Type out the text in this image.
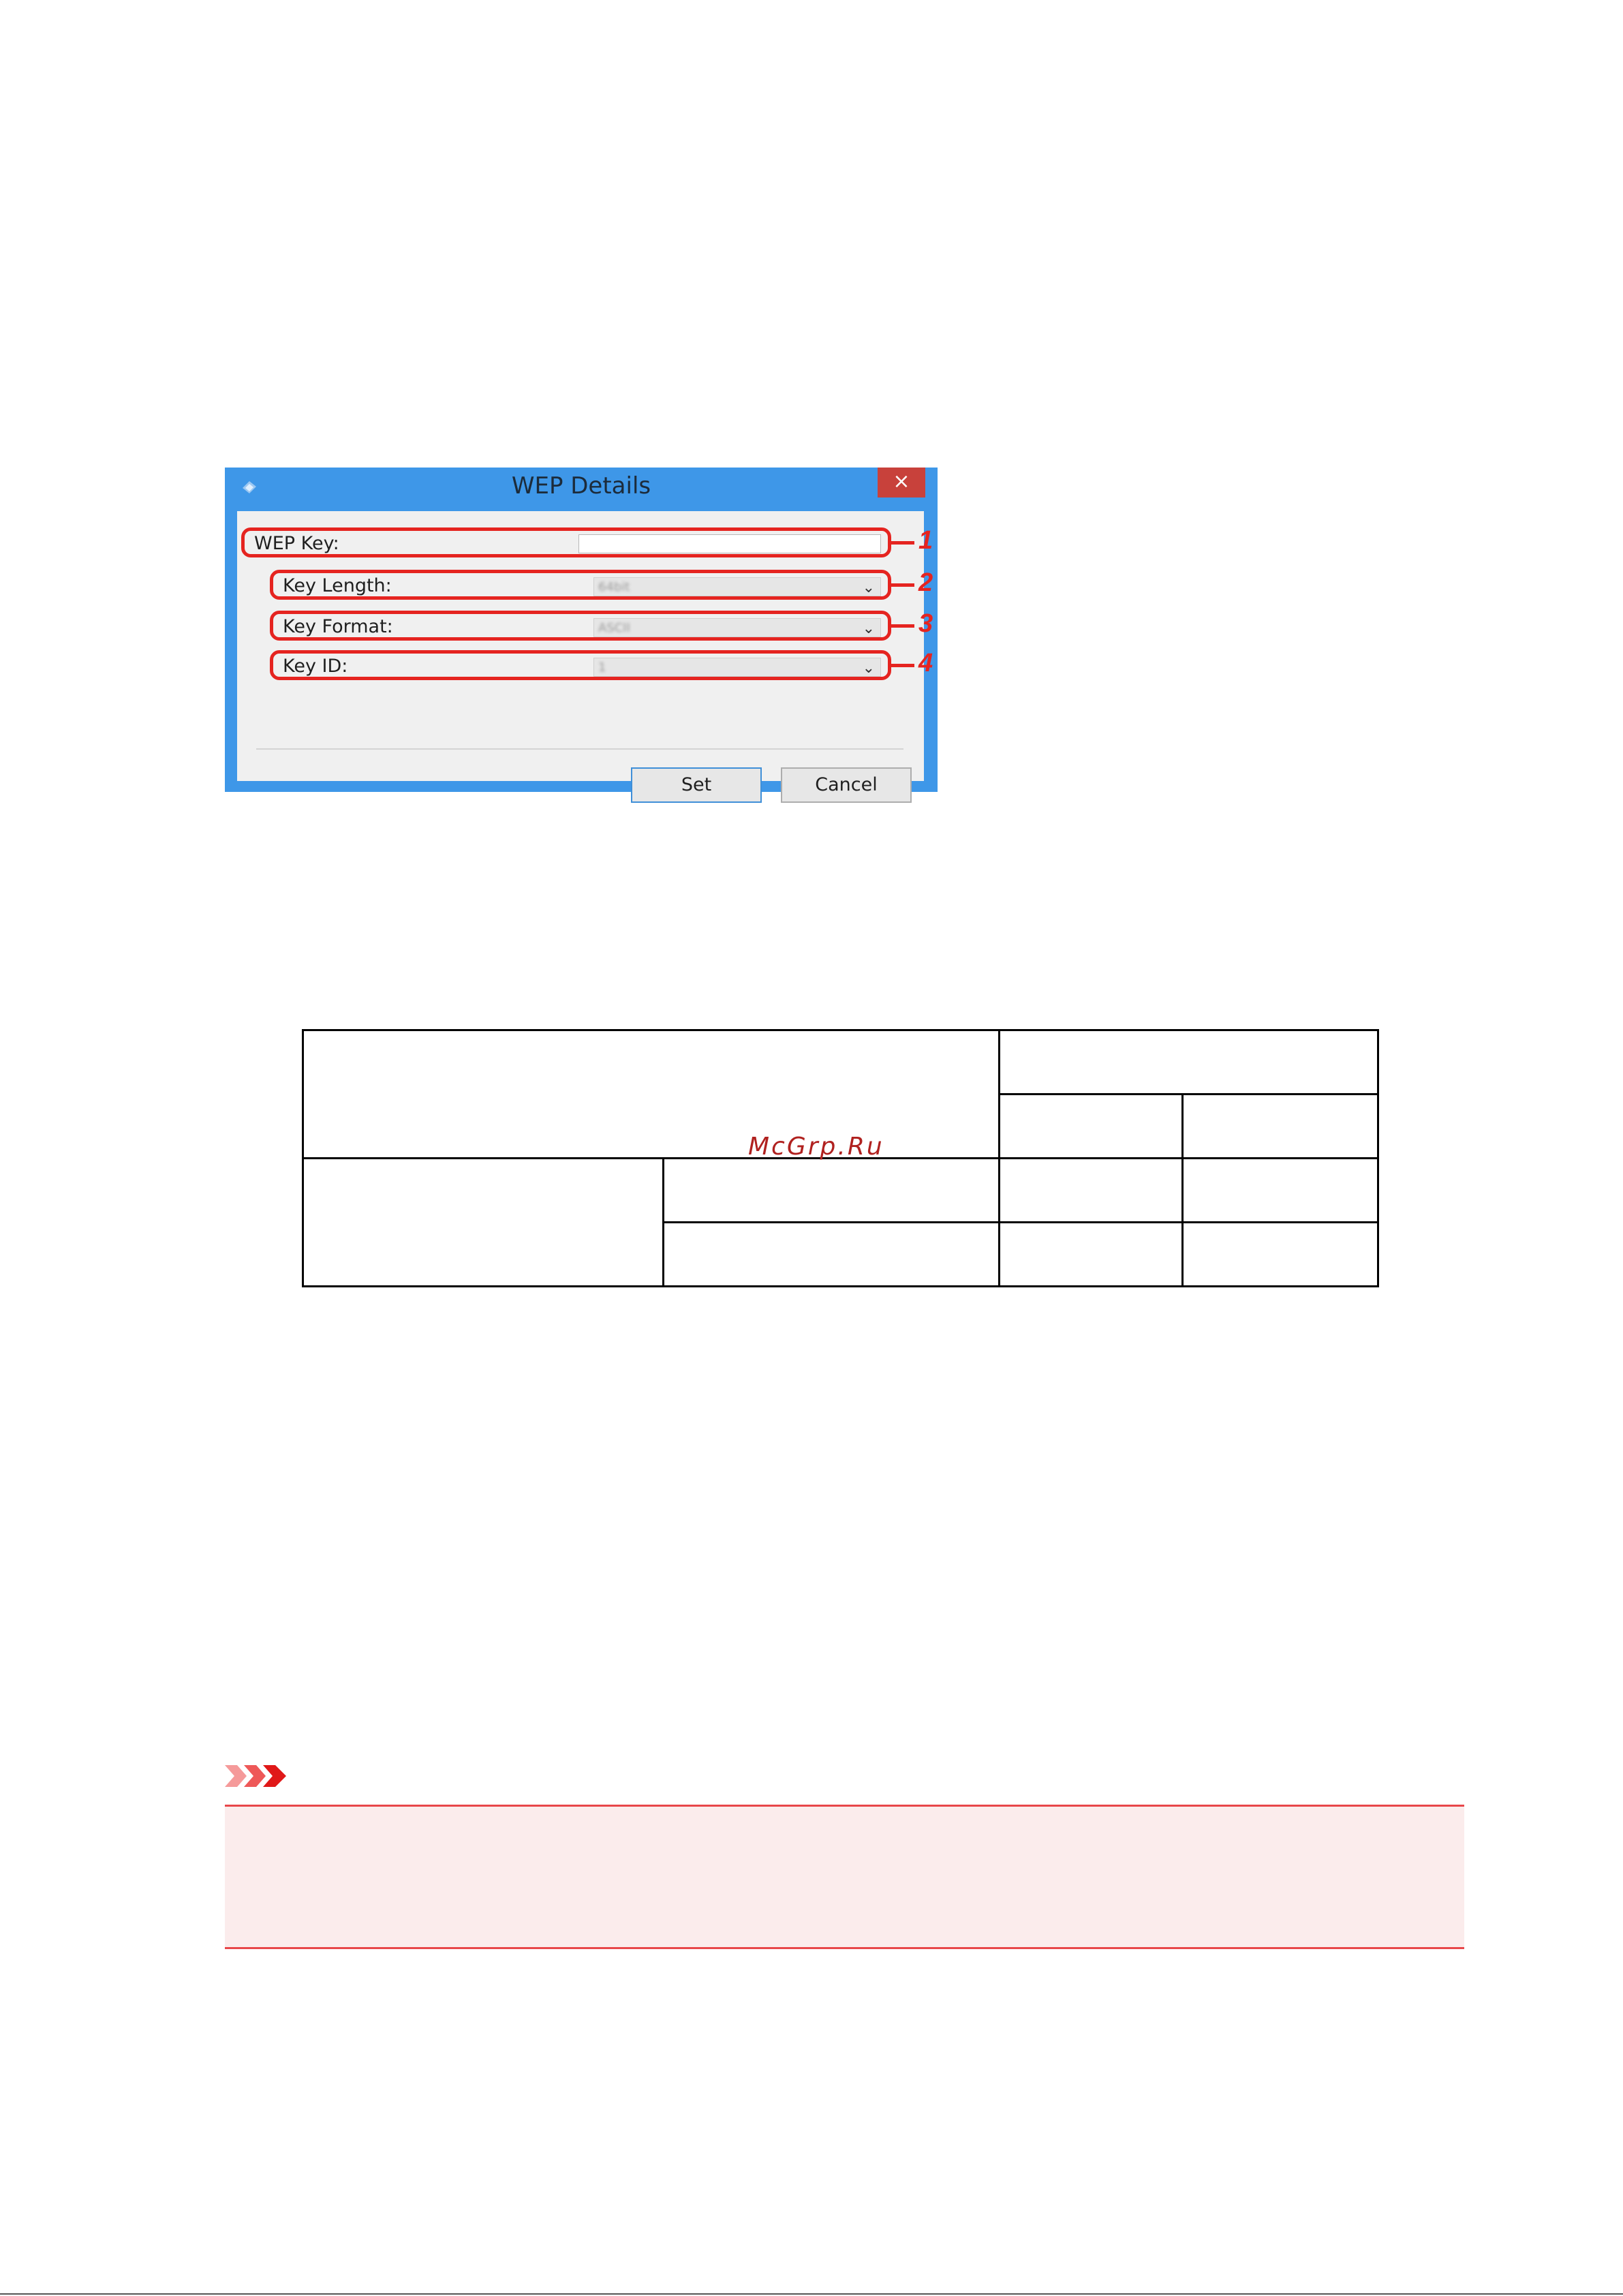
WEP Details	×
WEP Key:	1
Key Length:	64bit	⌄ 2
Key Format:	ASCII	⌄ 3
Key ID:	1	⌄ 4
Set	Cancel

McGrp.Ru
